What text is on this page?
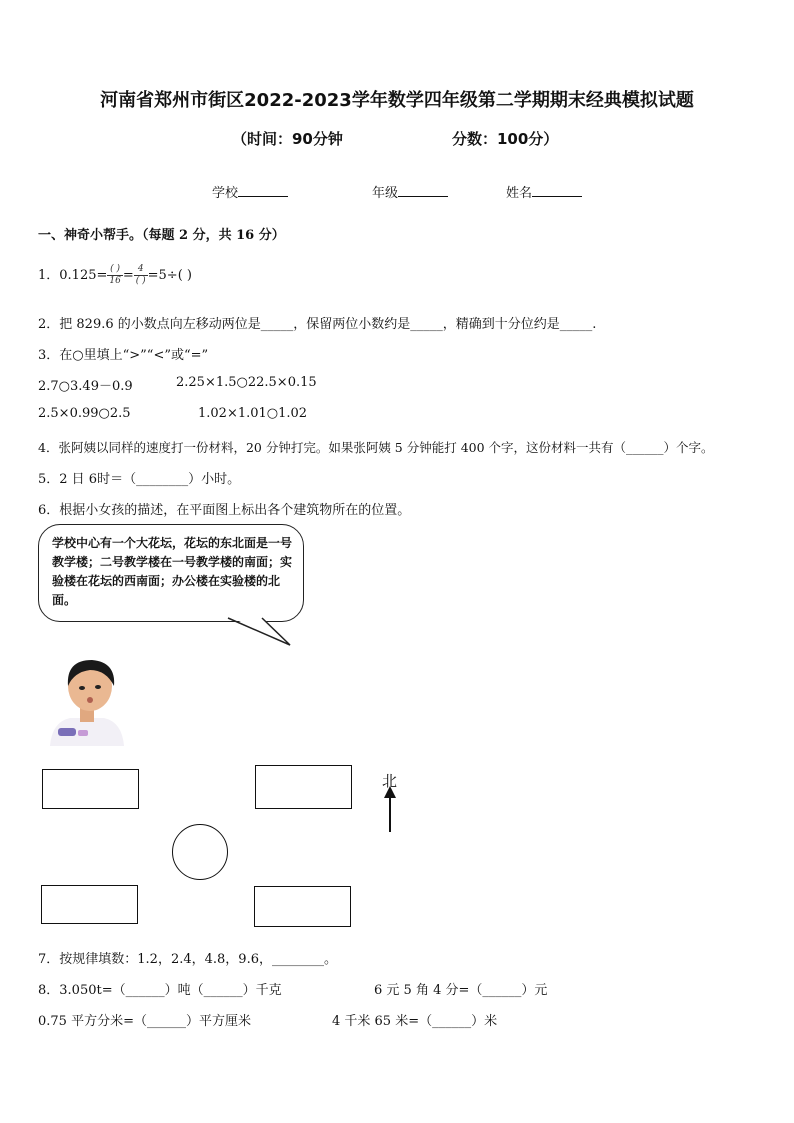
河南省郑州市街区2022-2023学年数学四年级第二学期期末经典模拟试题
（时间：90分钟	分数：100分）
学校	年级	姓名
一、神奇小帮手。（每题 2 分，共 16 分）
1．$0.125= \frac{( )}{16} = \frac{4}{( )} =5\div$( )
2．把 829.6 的小数点向左移动两位是_____，保留两位小数约是_____，精确到十分位约是_____.
3．在○里填上“>”“<”或“=”
2.7○3.49－0.9	2.25×1.5○22.5×0.15
2.5×0.99○2.5	1.02×1.01○1.02
4．张阿姨以同样的速度打一份材料，20 分钟打完。如果张阿姨 5 分钟能打 400 个字，这份材料一共有（______）个字。
5．2 日 6时＝（________）小时。
6．根据小女孩的描述，在平面图上标出各个建筑物所在的位置。
学校中心有一个大花坛，花坛的东北面是一号教学楼；二号教学楼在一号教学楼的南面；实验楼在花坛的西南面；办公楼在实验楼的北面。
北
7．按规律填数：1.2，2.4，4.8，9.6，________。
8．3.050t=（______）吨（______）千克	6 元 5 角 4 分=（______）元
0.75 平方分米=（______）平方厘米	4 千米 65 米=（______）米
